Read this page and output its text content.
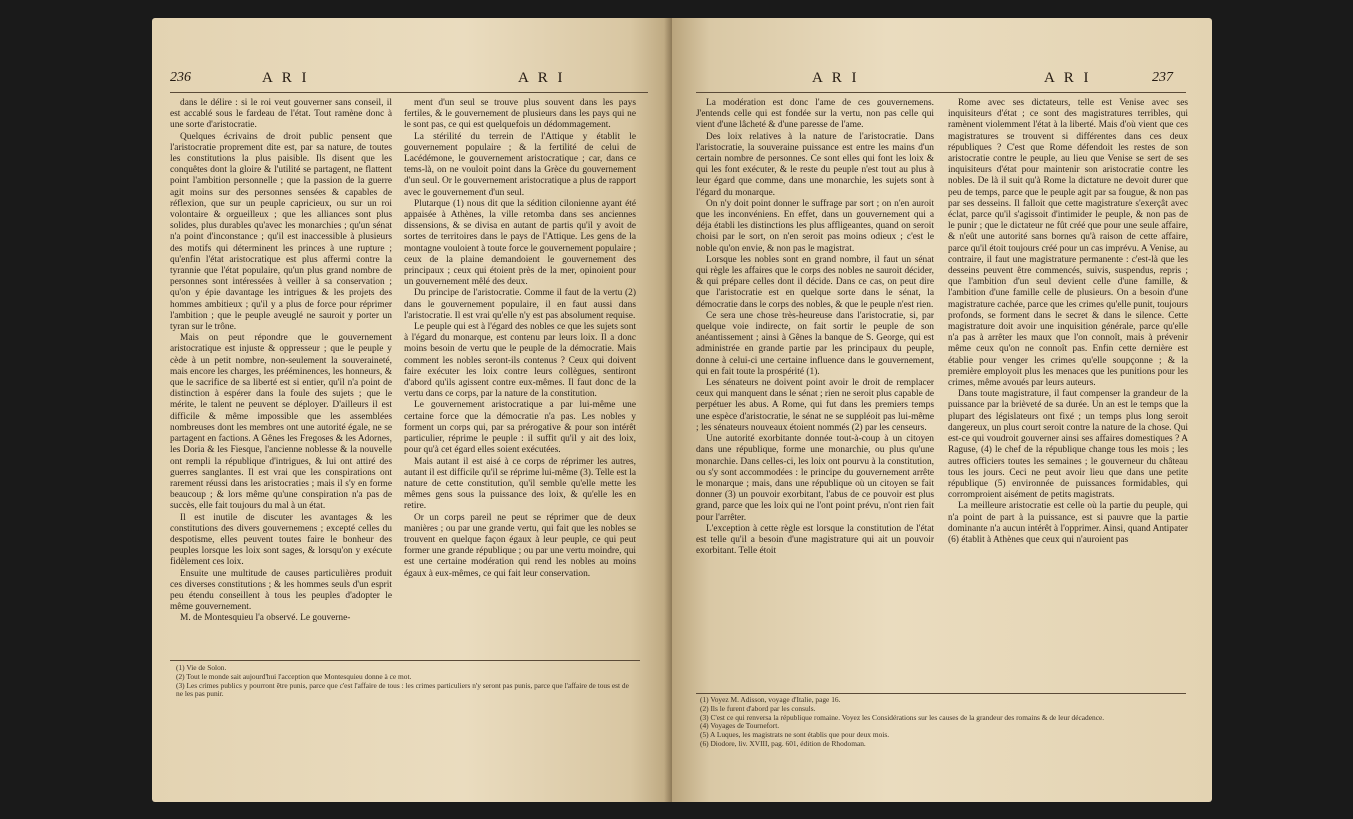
236	A R I	A R I

dans le délire : si le roi veut gouverner sans conseil, il est accablé sous le fardeau de l'état. Tout ramène donc à une sorte d'aristocratie.

Quelques écrivains de droit public pensent que l'aristocratie proprement dite est, par sa nature, de toutes les constitutions la plus paisible. Ils disent que les conquêtes dont la gloire & l'utilité se partagent, ne flattent point l'ambition personnelle ; que la passion de la guerre agit moins sur des personnes sensées & capables de réflexion, que sur un peuple capricieux, ou sur un roi volontaire & orgueilleux ; que les alliances sont plus solides, plus durables qu'avec les monarchies ; qu'un sénat n'a point d'inconstance ; qu'il est inaccessible à plusieurs des motifs qui déterminent les princes à une rupture ; qu'enfin l'état aristocratique est plus affermi contre la tyrannie que l'état populaire, qu'un plus grand nombre de personnes sont intéressées à veiller à sa conservation ; qu'on y épie davantage les intrigues & les projets des hommes ambitieux ; qu'il y a plus de force pour réprimer l'ambition ; que le peuple aveuglé ne sauroit y porter un tyran sur le trône.

Mais on peut répondre que le gouvernement aristocratique est injuste & oppresseur ; que le peuple y cède à un petit nombre, non-seulement la souveraineté, mais encore les charges, les prééminences, les honneurs, & que le sacrifice de sa liberté est si entier, qu'il n'a point de distinction à espérer dans la foule des sujets ; que le mérite, le talent ne peuvent se déployer. D'ailleurs il est difficile & même impossible que les assemblées nombreuses dont les membres ont une autorité égale, ne se partagent en factions. A Gênes les Fregoses & les Adornes, les Doria & les Fiesque, l'ancienne noblesse & la nouvelle ont rempli la république d'intrigues, & lui ont attiré des guerres sanglantes. Il est vrai que les conspirations ont rarement réussi dans les aristocraties ; mais il s'y en forme beaucoup ; & lors même qu'une conspiration n'a pas de succès, elle fait toujours du mal à un état.

Il est inutile de discuter les avantages & les constitutions des divers gouvernemens ; excepté celles du despotisme, elles peuvent toutes faire le bonheur des peuples lorsque les loix sont sages, & lorsqu'on y exécute fidèlement ces loix.

Ensuite une multitude de causes particulières produit ces diverses constitutions ; & les hommes seuls d'un esprit peu étendu conseillent à tous les peuples d'adopter le même gouvernement.

M. de Montesquieu l'a observé. Le gouverne-

ment d'un seul se trouve plus souvent dans les pays fertiles, & le gouvernement de plusieurs dans les pays qui ne le sont pas, ce qui est quelquefois un dédommagement.

La stérilité du terrein de l'Attique y établit le gouvernement populaire ; & la fertilité de celui de Lacédémone, le gouvernement aristocratique ; car, dans ce tems-là, on ne vouloit point dans la Grèce du gouvernement d'un seul. Or le gouvernement aristocratique a plus de rapport avec le gouvernement d'un seul.

Plutarque (1) nous dit que la sédition cilonienne ayant été appaisée à Athènes, la ville retomba dans ses anciennes dissensions, & se divisa en autant de partis qu'il y avoit de sortes de territoires dans le pays de l'Attique. Les gens de la montagne vouloient à toute force le gouvernement populaire ; ceux de la plaine demandoient le gouvernement des principaux ; ceux qui étoient près de la mer, opinoient pour un gouvernement mêlé des deux.

Du principe de l'aristocratie. Comme il faut de la vertu (2) dans le gouvernement populaire, il en faut aussi dans l'aristocratie. Il est vrai qu'elle n'y est pas absolument requise.

Le peuple qui est à l'égard des nobles ce que les sujets sont à l'égard du monarque, est contenu par leurs loix. Il a donc moins besoin de vertu que le peuple de la démocratie. Mais comment les nobles seront-ils contenus ? Ceux qui doivent faire exécuter les loix contre leurs collègues, sentiront d'abord qu'ils agissent contre eux-mêmes. Il faut donc de la vertu dans ce corps, par la nature de la constitution.

Le gouvernement aristocratique a par lui-même une certaine force que la démocratie n'a pas. Les nobles y forment un corps qui, par sa prérogative & pour son intérêt particulier, réprime le peuple : il suffit qu'il y ait des loix, pour qu'à cet égard elles soient exécutées.

Mais autant il est aisé à ce corps de réprimer les autres, autant il est difficile qu'il se réprime lui-même (3). Telle est la nature de cette constitution, qu'il semble qu'elle mette les mêmes gens sous la puissance des loix, & qu'elle les en retire.

Or un corps pareil ne peut se réprimer que de deux manières ; ou par une grande vertu, qui fait que les nobles se trouvent en quelque façon égaux à leur peuple, ce qui peut former une grande république ; ou par une vertu moindre, qui est une certaine modération qui rend les nobles au moins égaux à eux-mêmes, ce qui fait leur conservation.

(1) Vie de Solon.
(2) Tout le monde sait aujourd'hui l'acception que Montesquieu donne à ce mot.
(3) Les crimes publics y pourront être punis, parce que c'est l'affaire de tous : les crimes particuliers n'y seront pas punis, parce que l'affaire de tous est de ne les pas punir.
A R I	A R I	237

La modération est donc l'ame de ces gouvernemens. J'entends celle qui est fondée sur la vertu, non pas celle qui vient d'une lâcheté & d'une paresse de l'ame.

Des loix relatives à la nature de l'aristocratie. Dans l'aristocratie, la souveraine puissance est entre les mains d'un certain nombre de personnes. Ce sont elles qui font les loix & qui les font exécuter, & le reste du peuple n'est tout au plus à leur égard que comme, dans une monarchie, les sujets sont à l'égard du monarque.

On n'y doit point donner le suffrage par sort ; on n'en auroit que les inconvéniens. En effet, dans un gouvernement qui a déja établi les distinctions les plus affligeantes, quand on seroit choisi par le sort, on n'en seroit pas moins odieux ; c'est le noble qu'on envie, & non pas le magistrat.

Lorsque les nobles sont en grand nombre, il faut un sénat qui règle les affaires que le corps des nobles ne sauroit décider, & qui prépare celles dont il décide. Dans ce cas, on peut dire que l'aristocratie est en quelque sorte dans le sénat, la démocratie dans le corps des nobles, & que le peuple n'est rien.

Ce sera une chose très-heureuse dans l'aristocratie, si, par quelque voie indirecte, on fait sortir le peuple de son anéantissement ; ainsi à Gênes la banque de S. George, qui est administrée en grande partie par les principaux du peuple, donne à celui-ci une certaine influence dans le gouvernement, qui en fait toute la prospérité (1).

Les sénateurs ne doivent point avoir le droit de remplacer ceux qui manquent dans le sénat ; rien ne seroit plus capable de perpétuer les abus. A Rome, qui fut dans les premiers temps une espèce d'aristocratie, le sénat ne se suppléoit pas lui-même ; les sénateurs nouveaux étoient nommés (2) par les censeurs.

Une autorité exorbitante donnée tout-à-coup à un citoyen dans une république, forme une monarchie, ou plus qu'une monarchie. Dans celles-ci, les loix ont pourvu à la constitution, ou s'y sont accommodées : le principe du gouvernement arrête le monarque ; mais, dans une république où un citoyen se fait donner (3) un pouvoir exorbitant, l'abus de ce pouvoir est plus grand, parce que les loix qui ne l'ont point prévu, n'ont rien fait pour l'arrêter.

L'exception à cette règle est lorsque la constitution de l'état est telle qu'il a besoin d'une magistrature qui ait un pouvoir exorbitant. Telle étoit

Rome avec ses dictateurs, telle est Venise avec ses inquisiteurs d'état ; ce sont des magistratures terribles, qui ramènent violemment l'état à la liberté. Mais d'où vient que ces magistratures se trouvent si différentes dans ces deux républiques ? C'est que Rome défendoit les restes de son aristocratie contre le peuple, au lieu que Venise se sert de ses inquisiteurs d'état pour maintenir son aristocratie contre les nobles. De là il suit qu'à Rome la dictature ne devoit durer que peu de temps, parce que le peuple agit par sa fougue, & non pas par ses desseins. Il falloit que cette magistrature s'exerçât avec éclat, parce qu'il s'agissoit d'intimider le peuple, & non pas de le punir ; que le dictateur ne fût créé que pour une seule affaire, & n'eût une autorité sans bornes qu'à raison de cette affaire, parce qu'il étoit toujours créé pour un cas imprévu. A Venise, au contraire, il faut une magistrature permanente : c'est-là que les desseins peuvent être commencés, suivis, suspendus, repris ; que l'ambition d'un seul devient celle d'une famille, & l'ambition d'une famille celle de plusieurs. On a besoin d'une magistrature cachée, parce que les crimes qu'elle punit, toujours profonds, se forment dans le secret & dans le silence. Cette magistrature doit avoir une inquisition générale, parce qu'elle n'a pas à arrêter les maux que l'on connoît, mais à prévenir même ceux qu'on ne connoît pas. Enfin cette dernière est établie pour venger les crimes qu'elle soupçonne ; & la première employoit plus les menaces que les punitions pour les crimes, même avoués par leurs auteurs.

Dans toute magistrature, il faut compenser la grandeur de la puissance par la brièveté de sa durée. Un an est le temps que la plupart des législateurs ont fixé ; un temps plus long seroit dangereux, un plus court seroit contre la nature de la chose. Qui est-ce qui voudroit gouverner ainsi ses affaires domestiques ? A Raguse, (4) le chef de la république change tous les mois ; les autres officiers toutes les semaines ; le gouverneur du château tous les jours. Ceci ne peut avoir lieu que dans une petite république (5) environnée de puissances formidables, qui corromproient aisément de petits magistrats.

La meilleure aristocratie est celle où la partie du peuple, qui n'a point de part à la puissance, est si pauvre que la partie dominante n'a aucun intérêt à l'opprimer. Ainsi, quand Antipater (6) établit à Athènes que ceux qui n'auroient pas

(1) Voyez M. Adisson, voyage d'Italie, page 16.
(2) Ils le furent d'abord par les consuls.
(3) C'est ce qui renversa la république romaine. Voyez les Considérations sur les causes de la grandeur des romains & de leur décadence.
(4) Voyages de Tournefort.
(5) A Luques, les magistrats ne sont établis que pour deux mois.
(6) Diodore, liv. XVIII, pag. 601, édition de Rhodoman.
